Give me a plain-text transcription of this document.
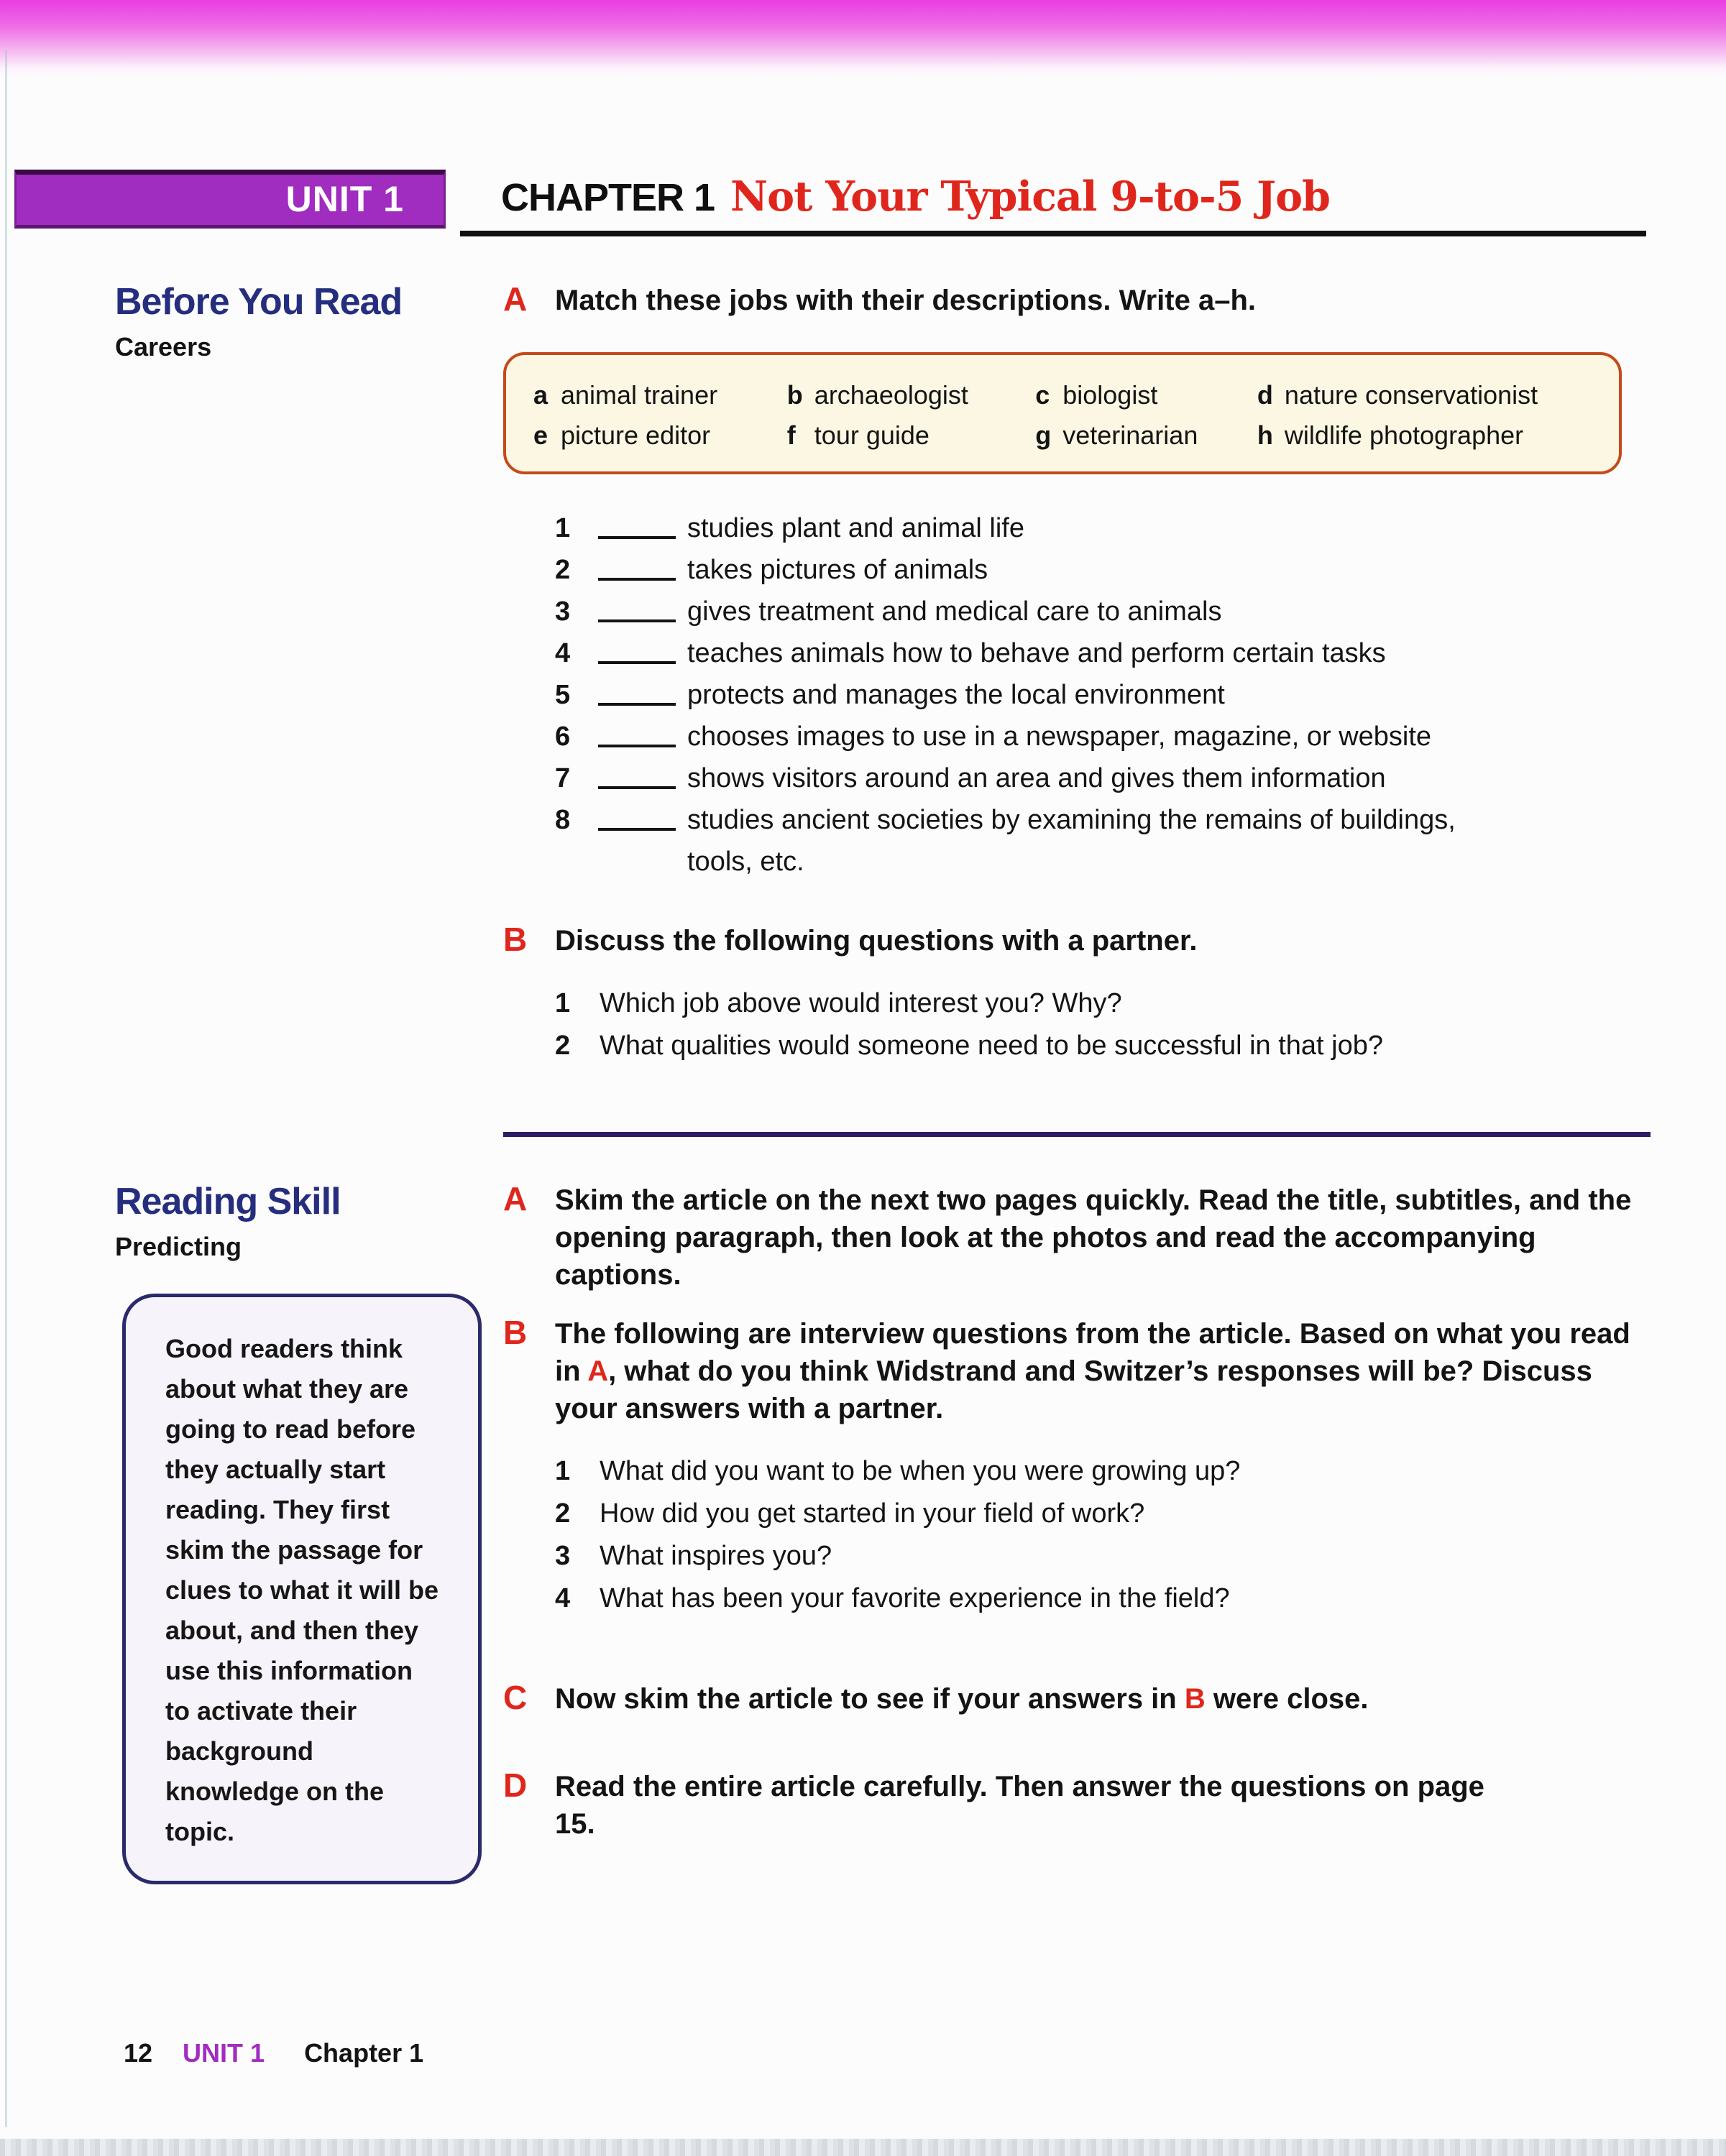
UNIT 1	CHAPTER 1 Not Your Typical 9-to-5 Job
Before You Read
Careers
A Match these jobs with their descriptions. Write a–h.

a animal trainer	b archaeologist	c biologist	d nature conservationist
e picture editor	f tour guide	g veterinarian h wildlife photographer
1	studies plant and animal life
2	takes pictures of animals
3	gives treatment and medical care to animals
4	teaches animals how to behave and perform certain tasks
5	protects and manages the local environment
6	chooses images to use in a newspaper, magazine, or website
7	shows visitors around an area and gives them information
8	studies ancient societies by examining the remains of buildings,
tools, etc.
B Discuss the following questions with a partner.

1	Which job above would interest you? Why?
2	What qualities would someone need to be successful in that job?
Reading Skill
Predicting
Good readers think about what they are going to read before they actually start reading. They first skim the passage for clues to what it will be about, and then they use this information to activate their background knowledge on the topic.
A Skim the article on the next two pages quickly. Read the title, subtitles, and the opening paragraph, then look at the photos and read the accompanying captions.

B The following are interview questions from the article. Based on what you read in A, what do you think Widstrand and Switzer’s responses will be? Discuss your answers with a partner.

1	What did you want to be when you were growing up?
2	How did you get started in your field of work?
3	What inspires you?
4	What has been your favorite experience in the field?
C Now skim the article to see if your answers in B were close.

D Read the entire article carefully. Then answer the questions on page 15.

12 UNIT 1 Chapter 1
